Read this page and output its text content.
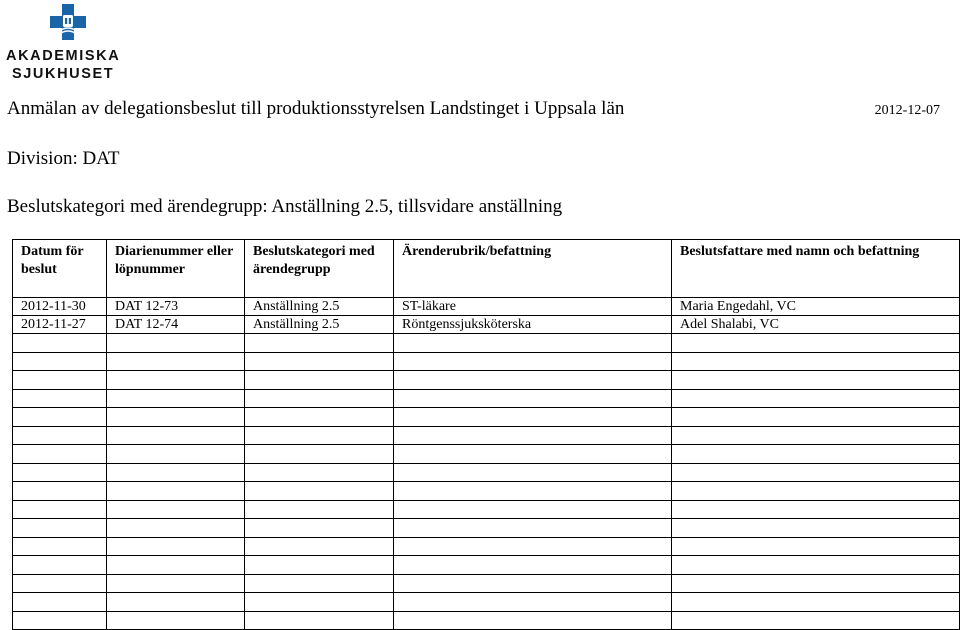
AKADEMISKA
SJUKHUSET
Anmälan av delegationsbeslut till produktionsstyrelsen Landstinget i Uppsala län	2012-12-07
Division: DAT
Beslutskategori med ärendegrupp: Anställning 2.5, tillsvidare anställning
Datum för beslut	Diarienummer eller löpnummer	Beslutskategori med ärendegrupp	Ärenderubrik/befattning	Beslutsfattare med namn och befattning
2012-11-30	DAT 12-73	Anställning 2.5	ST-läkare	Maria Engedahl, VC
2012-11-27	DAT 12-74	Anställning 2.5	Röntgenssjuksköterska	Adel Shalabi, VC
